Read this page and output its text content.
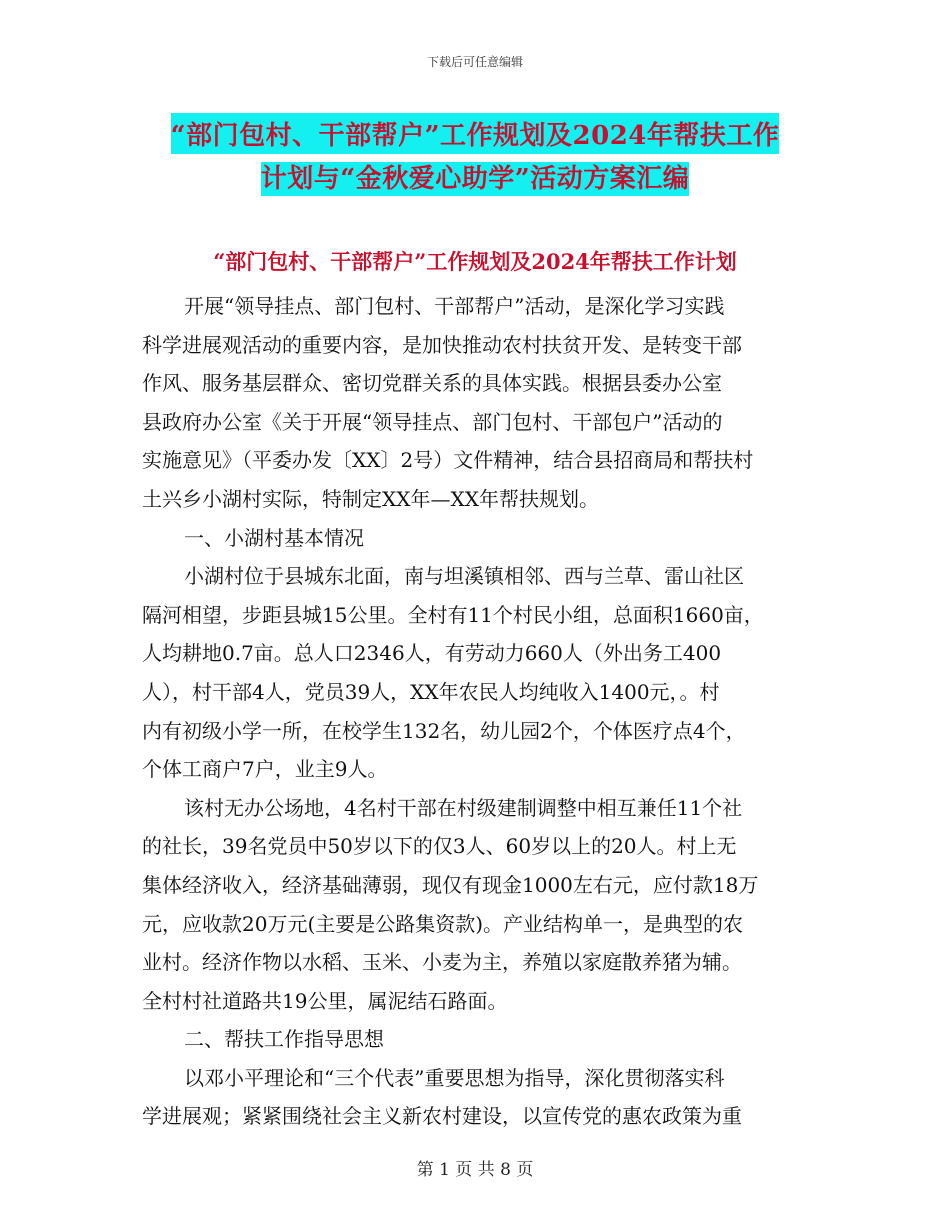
下载后可任意编辑
“部门包村、干部帮户”工作规划及2024年帮扶工作
计划与“金秋爱心助学”活动方案汇编
“部门包村、干部帮户”工作规划及2024年帮扶工作计划
开展“领导挂点、部门包村、干部帮户”活动，是深化学习实践
科学进展观活动的重要内容，是加快推动农村扶贫开发、是转变干部
作风、服务基层群众、密切党群关系的具体实践。根据县委办公室
县政府办公室《关于开展“领导挂点、部门包村、干部包户”活动的
实施意见》（平委办发〔XX〕2号）文件精神，结合县招商局和帮扶村
土兴乡小湖村实际，特制定XX年—XX年帮扶规划。
一、小湖村基本情况
小湖村位于县城东北面，南与坦溪镇相邻、西与兰草、雷山社区
隔河相望，步距县城15公里。全村有11个村民小组，总面积1660亩，
人均耕地0.7亩。总人口2346人，有劳动力660人（外出务工400
人），村干部4人，党员39人，XX年农民人均纯收入1400元，。村
内有初级小学一所，在校学生132名，幼儿园2个，个体医疗点4个，
个体工商户7户，业主9人。
该村无办公场地，4名村干部在村级建制调整中相互兼任11个社
的社长，39名党员中50岁以下的仅3人、60岁以上的20人。村上无
集体经济收入，经济基础薄弱，现仅有现金1000左右元，应付款18万
元，应收款20万元(主要是公路集资款)。产业结构单一，是典型的农
业村。经济作物以水稻、玉米、小麦为主，养殖以家庭散养猪为辅。
全村村社道路共19公里，属泥结石路面。
二、帮扶工作指导思想
以邓小平理论和“三个代表”重要思想为指导，深化贯彻落实科
学进展观；紧紧围绕社会主义新农村建设，以宣传党的惠农政策为重
第 1 页 共 8 页
